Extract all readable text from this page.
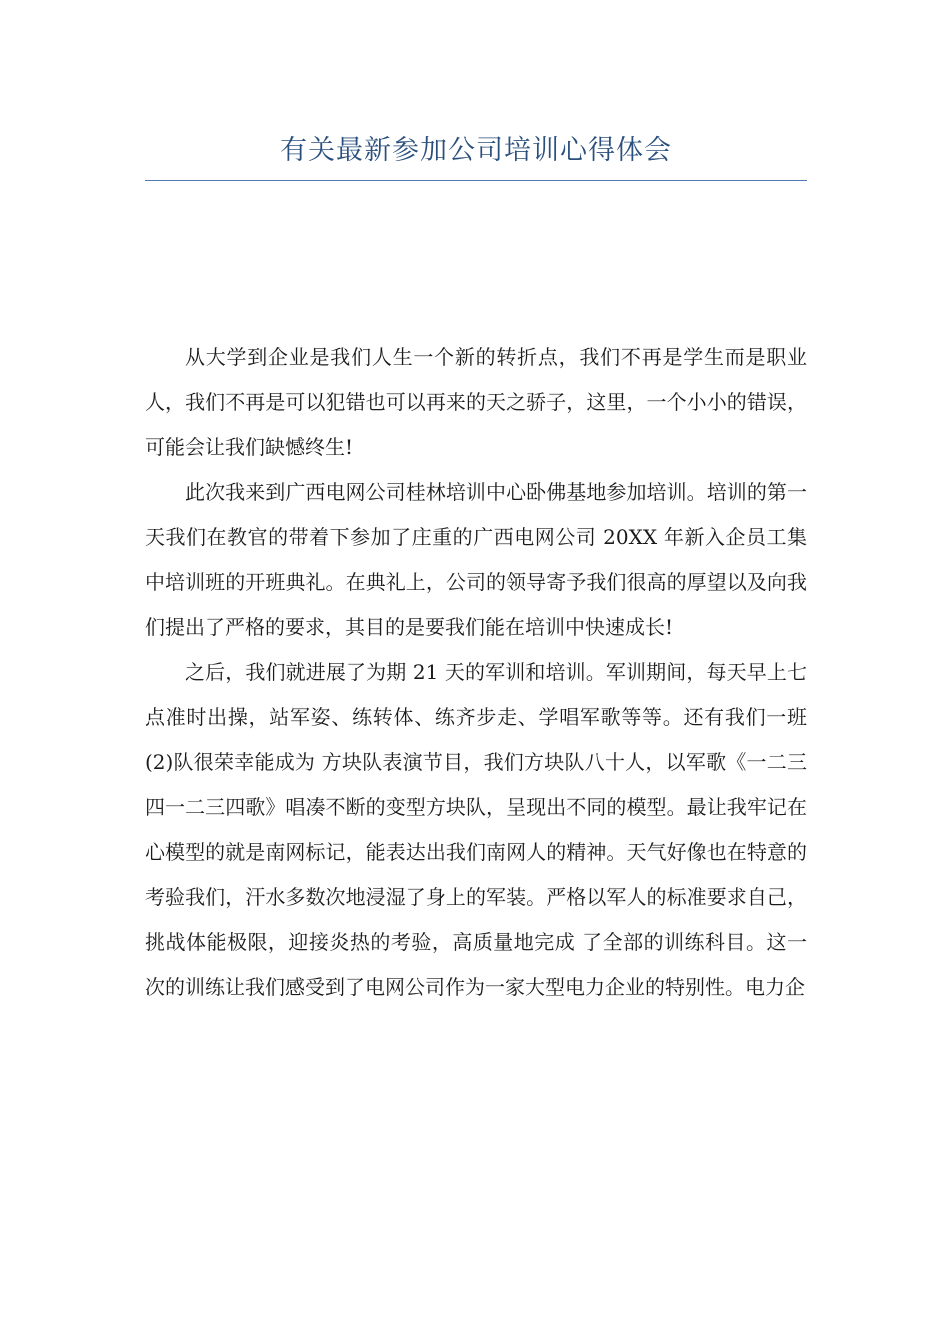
有关最新参加公司培训心得体会

从大学到企业是我们人生一个新的转折点，我们不再是学生而是职业人，我们不再是可以犯错也可以再来的天之骄子，这里，一个小小的错误，可能会让我们缺憾终生!

此次我来到广西电网公司桂林培训中心卧佛基地参加培训。培训的第一天我们在教官的带着下参加了庄重的广西电网公司 20XX 年新入企员工集中培训班的开班典礼。在典礼上，公司的领导寄予我们很高的厚望以及向我们提出了严格的要求，其目的是要我们能在培训中快速成长!

之后，我们就进展了为期 21 天的军训和培训。军训期间，每天早上七点准时出操，站军姿、练转体、练齐步走、学唱军歌等等。还有我们一班(2)队很荣幸能成为 方块队表演节目，我们方块队八十人，以军歌《一二三四一二三四歌》唱凑不断的变型方块队，呈现出不同的模型。最让我牢记在心模型的就是南网标记，能表达出我们南网人的精神。天气好像也在特意的考验我们，汗水多数次地浸湿了身上的军装。严格以军人的标准要求自己，挑战体能极限，迎接炎热的考验，高质量地完成 了全部的训练科目。这一次的训练让我们感受到了电网公司作为一家大型电力企业的特别性。电力企
